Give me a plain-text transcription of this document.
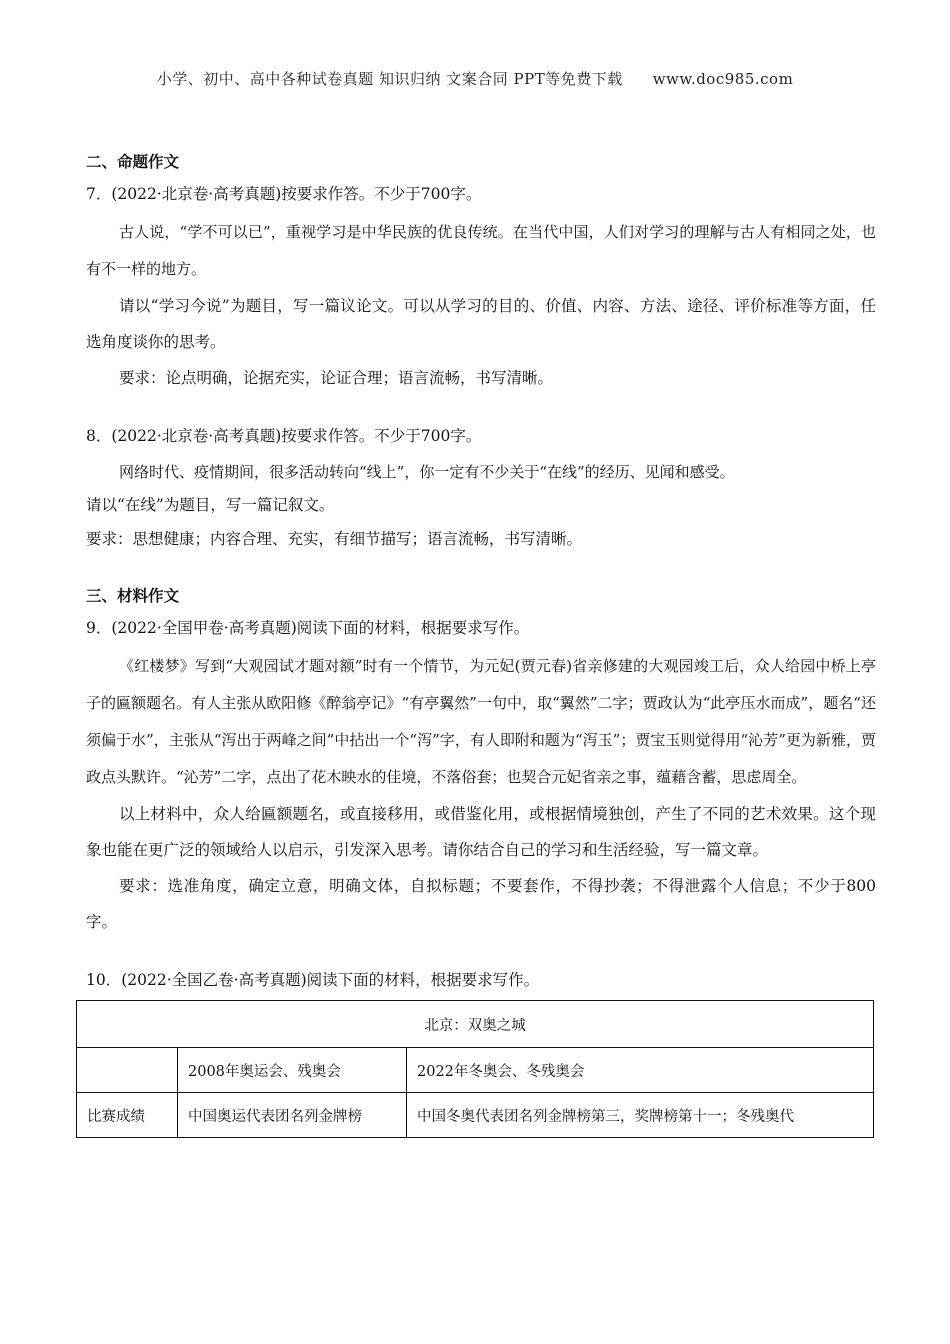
小学、初中、高中各种试卷真题 知识归纳 文案合同 PPT等免费下载 www.doc985.com
二、命题作文
7．(2022·北京卷·高考真题)按要求作答。不少于700字。

古人说，“学不可以已”，重视学习是中华民族的优良传统。在当代中国，人们对学习的理解与古人有相同之处，也有不一样的地方。

请以“学习今说”为题目，写一篇议论文。可以从学习的目的、价值、内容、方法、途径、评价标准等方面，任选角度谈你的思考。

要求：论点明确，论据充实，论证合理；语言流畅，书写清晰。

8．(2022·北京卷·高考真题)按要求作答。不少于700字。

网络时代、疫情期间，很多活动转向“线上”，你一定有不少关于“在线”的经历、见闻和感受。

请以“在线”为题目，写一篇记叙文。

要求：思想健康；内容合理、充实，有细节描写；语言流畅，书写清晰。

三、材料作文
9．(2022·全国甲卷·高考真题)阅读下面的材料，根据要求写作。

《红楼梦》写到“大观园试才题对额”时有一个情节，为元妃(贾元春)省亲修建的大观园竣工后，众人给园中桥上亭子的匾额题名。有人主张从欧阳修《醉翁亭记》“有亭翼然”一句中，取“翼然”二字；贾政认为“此亭压水而成”，题名“还须偏于水”，主张从“泻出于两峰之间”中拈出一个“泻”字，有人即附和题为“泻玉”；贾宝玉则觉得用“沁芳”更为新雅，贾政点头默许。“沁芳”二字，点出了花木映水的佳境，不落俗套；也契合元妃省亲之事，蕴藉含蓄，思虑周全。

以上材料中，众人给匾额题名，或直接移用，或借鉴化用，或根据情境独创，产生了不同的艺术效果。这个现象也能在更广泛的领域给人以启示，引发深入思考。请你结合自己的学习和生活经验，写一篇文章。

要求：选准角度，确定立意，明确文体，自拟标题；不要套作，不得抄袭；不得泄露个人信息；不少于800字。

10．(2022·全国乙卷·高考真题)阅读下面的材料，根据要求写作。
北京：双奥之城		
	2008年奥运会、残奥会	2022年冬奥会、冬残奥会
比赛成绩	中国奥运代表团名列金牌榜	中国冬奥代表团名列金牌榜第三，奖牌榜第十一；冬残奥代
